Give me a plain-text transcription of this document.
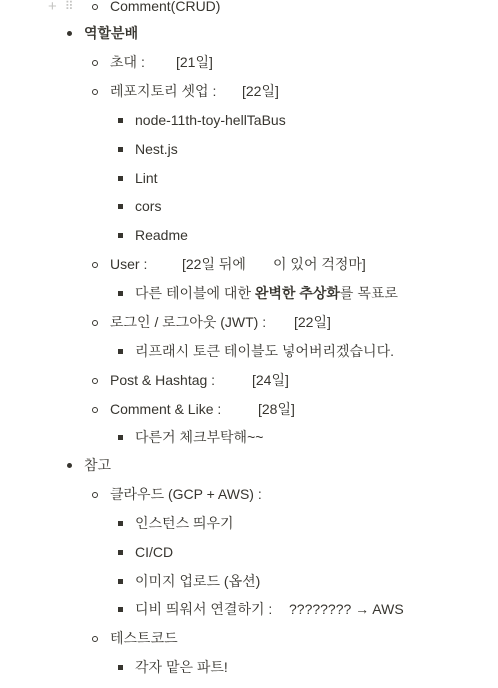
+ ⠿	Comment(CRUD)
역할분배
초대 : [21일]
레포지토리 셋업 : [22일]
node-11th-toy-hellTaBus
Nest.js
Lint
cors
Readme
User : [22일 뒤에 이 있어 걱정마]
다른 테이블에 대한 완벽한 추상화를 목표로
로그인 / 로그아웃 (JWT) : [22일]
리프래시 토큰 테이블도 넣어버리겠습니다.
Post & Hashtag :	[24일]
Comment & Like :	[28일]
다른거 체크부탁해~~
참고
클라우드 (GCP + AWS) :
인스턴스 띄우기
CI/CD
이미지 업로드 (옵션)
디비 띄워서 연결하기 : ???????? → AWS
테스트코드
각자 맡은 파트!
